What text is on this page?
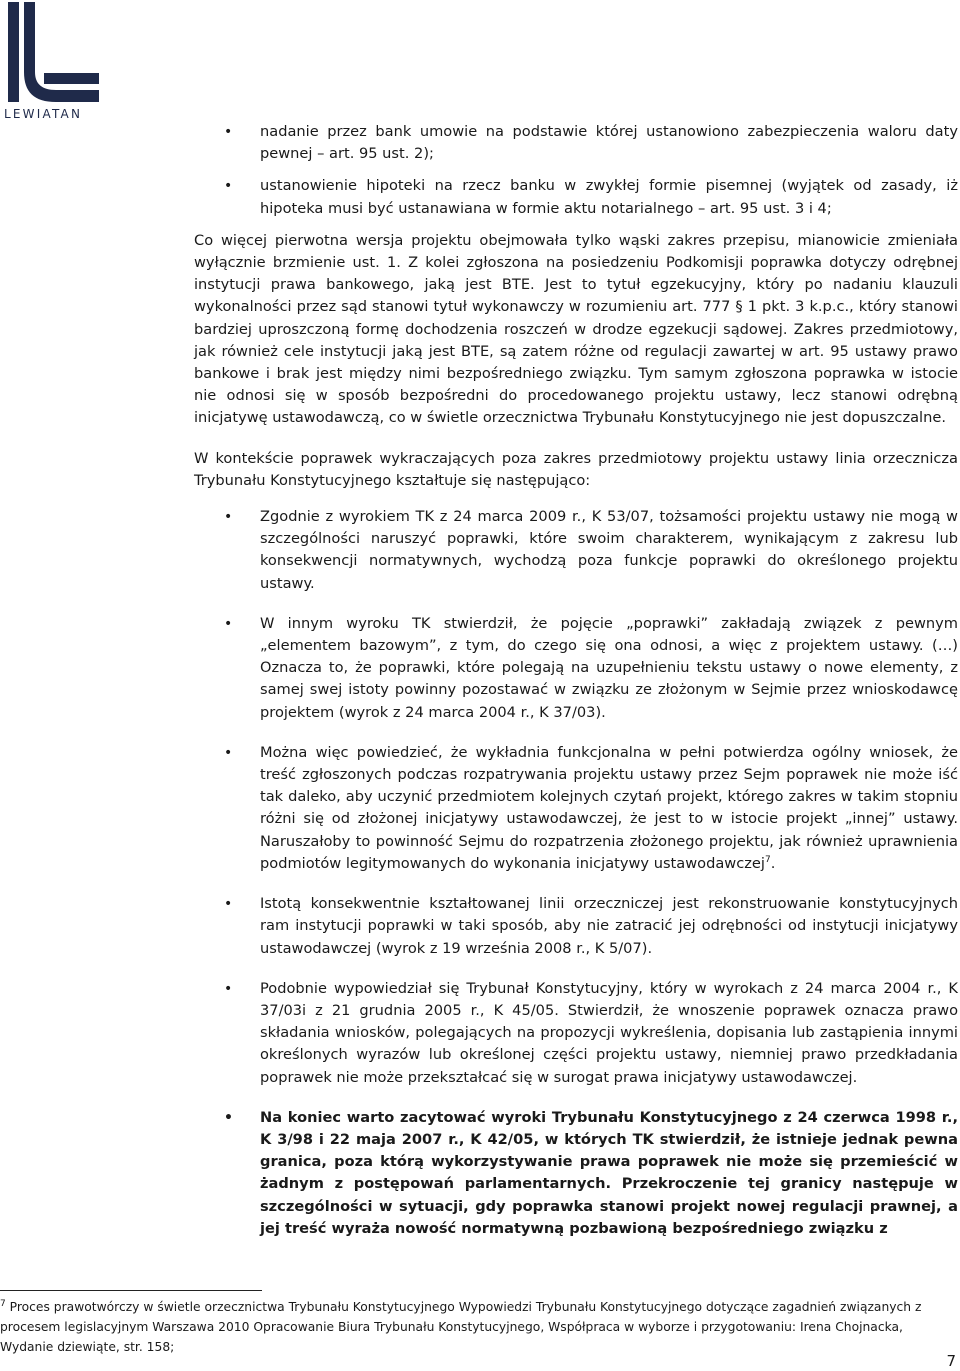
LEWIATAN
• nadanie przez bank umowie na podstawie której ustanowiono zabezpieczenia waloru daty pewnej – art. 95 ust. 2);
• ustanowienie hipoteki na rzecz banku w zwykłej formie pisemnej (wyjątek od zasady, iż hipoteka musi być ustanawiana w formie aktu notarialnego – art. 95 ust. 3 i 4;

Co więcej pierwotna wersja projektu obejmowała tylko wąski zakres przepisu, mianowicie zmieniała wyłącznie brzmienie ust. 1. Z kolei zgłoszona na posiedzeniu Podkomisji poprawka dotyczy odrębnej instytucji prawa bankowego, jaką jest BTE. Jest to tytuł egzekucyjny, który po nadaniu klauzuli wykonalności przez sąd stanowi tytuł wykonawczy w rozumieniu art. 777 § 1 pkt. 3 k.p.c., który stanowi bardziej uproszczoną formę dochodzenia roszczeń w drodze egzekucji sądowej. Zakres przedmiotowy, jak również cele instytucji jaką jest BTE, są zatem różne od regulacji zawartej w art. 95 ustawy prawo bankowe i brak jest między nimi bezpośredniego związku. Tym samym zgłoszona poprawka w istocie nie odnosi się w sposób bezpośredni do procedowanego projektu ustawy, lecz stanowi odrębną inicjatywę ustawodawczą, co w świetle orzecznictwa Trybunału Konstytucyjnego nie jest dopuszczalne.

W kontekście poprawek wykraczających poza zakres przedmiotowy projektu ustawy linia orzecznicza Trybunału Konstytucyjnego kształtuje się następująco:

• Zgodnie z wyrokiem TK z 24 marca 2009 r., K 53/07, tożsamości projektu ustawy nie mogą w szczególności naruszyć poprawki, które swoim charakterem, wynikającym z zakresu lub konsekwencji normatywnych, wychodzą poza funkcje poprawki do określonego projektu ustawy.
• W innym wyroku TK stwierdził, że pojęcie „poprawki” zakładają związek z pewnym „elementem bazowym”, z tym, do czego się ona odnosi, a więc z projektem ustawy. (…) Oznacza to, że poprawki, które polegają na uzupełnieniu tekstu ustawy o nowe elementy, z samej swej istoty powinny pozostawać w związku ze złożonym w Sejmie przez wnioskodawcę projektem (wyrok z 24 marca 2004 r., K 37/03).
• Można więc powiedzieć, że wykładnia funkcjonalna w pełni potwierdza ogólny wniosek, że treść zgłoszonych podczas rozpatrywania projektu ustawy przez Sejm poprawek nie może iść tak daleko, aby uczynić przedmiotem kolejnych czytań projekt, którego zakres w takim stopniu różni się od złożonej inicjatywy ustawodawczej, że jest to w istocie projekt „innej” ustawy. Naruszałoby to powinność Sejmu do rozpatrzenia złożonego projektu, jak również uprawnienia podmiotów legitymowanych do wykonania inicjatywy ustawodawczej$^7$.
• Istotą konsekwentnie kształtowanej linii orzeczniczej jest rekonstruowanie konstytucyjnych ram instytucji poprawki w taki sposób, aby nie zatracić jej odrębności od instytucji inicjatywy ustawodawczej (wyrok z 19 września 2008 r., K 5/07).
• Podobnie wypowiedział się Trybunał Konstytucyjny, który w wyrokach z 24 marca 2004 r., K 37/03i z 21 grudnia 2005 r., K 45/05. Stwierdził, że wnoszenie poprawek oznacza prawo składania wniosków, polegających na propozycji wykreślenia, dopisania lub zastąpienia innymi określonych wyrazów lub określonej części projektu ustawy, niemniej prawo przedkładania poprawek nie może przekształcać się w surogat prawa inicjatywy ustawodawczej.
• Na koniec warto zacytować wyroki Trybunału Konstytucyjnego z 24 czerwca 1998 r., K 3/98 i 22 maja 2007 r., K 42/05, w których TK stwierdził, że istnieje jednak pewna granica, poza którą wykorzystywanie prawa poprawek nie może się przemieścić w żadnym z postępowań parlamentarnych. Przekroczenie tej granicy następuje w szczególności w sytuacji, gdy poprawka stanowi projekt nowej regulacji prawnej, a jej treść wyraża nowość normatywną pozbawioną bezpośredniego związku z
$^7$ Proces prawotwórczy w świetle orzecznictwa Trybunału Konstytucyjnego Wypowiedzi Trybunału Konstytucyjnego dotyczące zagadnień związanych z procesem legislacyjnym Warszawa 2010 Opracowanie Biura Trybunału Konstytucyjnego, Współpraca w wyborze i przygotowaniu: Irena Chojnacka, Wydanie dziewiąte, str. 158;
7
